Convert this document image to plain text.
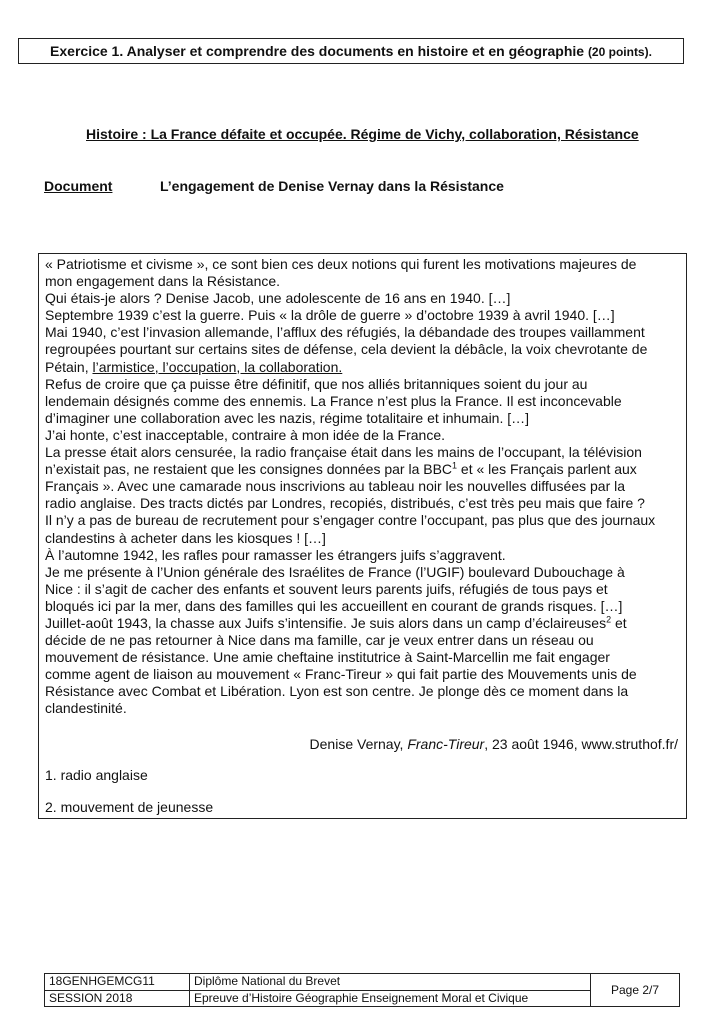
Exercice 1. Analyser et comprendre des documents en histoire et en géographie (20 points).
Histoire : La France défaite et occupée. Régime de Vichy, collaboration, Résistance
Document	L’engagement de Denise Vernay dans la Résistance

« Patriotisme et civisme », ce sont bien ces deux notions qui furent les motivations majeures de

mon engagement dans la Résistance.

Qui étais-je alors ? Denise Jacob, une adolescente de 16 ans en 1940. […]

Septembre 1939 c’est la guerre. Puis « la drôle de guerre » d’octobre 1939 à avril 1940. […]

Mai 1940, c’est l’invasion allemande, l’afflux des réfugiés, la débandade des troupes vaillamment

regroupées pourtant sur certains sites de défense, cela devient la débâcle, la voix chevrotante de

Pétain, l’armistice, l’occupation, la collaboration.

Refus de croire que ça puisse être définitif, que nos alliés britanniques soient du jour au

lendemain désignés comme des ennemis. La France n’est plus la France. Il est inconcevable

d’imaginer une collaboration avec les nazis, régime totalitaire et inhumain. […]

J’ai honte, c’est inacceptable, contraire à mon idée de la France.

La presse était alors censurée, la radio française était dans les mains de l’occupant, la télévision

n’existait pas, ne restaient que les consignes données par la BBC$^1$ et « les Français parlent aux

Français ». Avec une camarade nous inscrivions au tableau noir les nouvelles diffusées par la

radio anglaise. Des tracts dictés par Londres, recopiés, distribués, c’est très peu mais que faire ?

Il n’y a pas de bureau de recrutement pour s’engager contre l’occupant, pas plus que des journaux

clandestins à acheter dans les kiosques ! […]

À l’automne 1942, les rafles pour ramasser les étrangers juifs s’aggravent.

Je me présente à l’Union générale des Israélites de France (l’UGIF) boulevard Dubouchage à

Nice : il s’agit de cacher des enfants et souvent leurs parents juifs, réfugiés de tous pays et

bloqués ici par la mer, dans des familles qui les accueillent en courant de grands risques. […]

Juillet-août 1943, la chasse aux Juifs s’intensifie. Je suis alors dans un camp d’éclaireuses$^2$ et

décide de ne pas retourner à Nice dans ma famille, car je veux entrer dans un réseau ou

mouvement de résistance. Une amie cheftaine institutrice à Saint-Marcellin me fait engager

comme agent de liaison au mouvement « Franc-Tireur » qui fait partie des Mouvements unis de

Résistance avec Combat et Libération. Lyon est son centre. Je plonge dès ce moment dans la

clandestinité.

Denise Vernay, Franc-Tireur, 23 août 1946, www.struthof.fr/
1. radio anglaise
2. mouvement de jeunesse
18GENHGEMCG11	Diplôme National du Brevet	Page 2/7
SESSION 2018	Epreuve d’Histoire Géographie Enseignement Moral et Civique	
